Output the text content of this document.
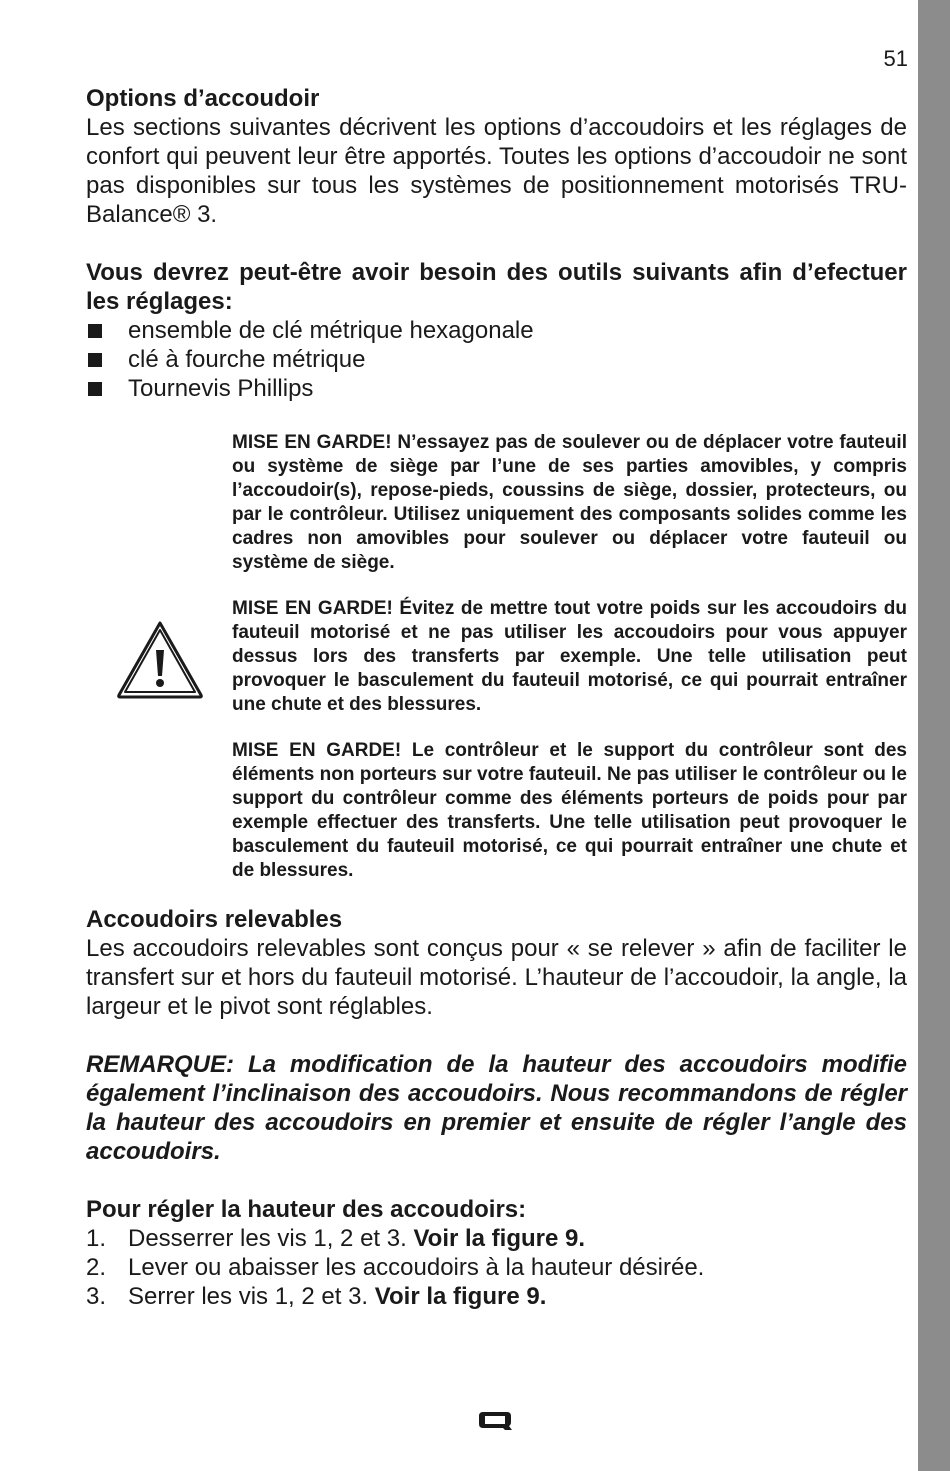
51

Options d’accoudoir

Les sections suivantes décrivent les options d’accoudoirs et les réglages de confort qui peuvent leur être apportés. Toutes les options d’accoudoir ne sont pas disponibles sur tous les systèmes de positionnement motorisés TRU-Balance® 3.

Vous devrez peut-être avoir besoin des outils suivants afin d’efectuer les réglages:

ensemble de clé métrique hexagonale
clé à fourche métrique
Tournevis Phillips

MISE EN GARDE! N’essayez pas de soulever ou de déplacer votre fauteuil ou système de siège par l’une de ses parties amovibles, y compris l’accoudoir(s), repose-pieds, coussins de siège, dossier, protecteurs, ou par le contrôleur. Utilisez uniquement des composants solides comme les cadres non amovibles pour soulever ou déplacer votre fauteuil ou système de siège.

MISE EN GARDE! Évitez de mettre tout votre poids sur les accoudoirs du fauteuil motorisé et ne pas utiliser les accoudoirs pour vous appuyer dessus lors des transferts par exemple. Une telle utilisation peut provoquer le basculement du fauteuil motorisé, ce qui pourrait entraîner une chute et des blessures.

MISE EN GARDE! Le contrôleur et le support du contrôleur sont des éléments non porteurs sur votre fauteuil. Ne pas utiliser le contrôleur ou le support du contrôleur comme des éléments porteurs de poids pour par exemple effectuer des transferts. Une telle utilisation peut provoquer le basculement du fauteuil motorisé, ce qui pourrait entraîner une chute et de blessures.

Accoudoirs relevables

Les accoudoirs relevables sont conçus pour « se relever » afin de faciliter le transfert sur et hors du fauteuil motorisé. L’hauteur de l’accoudoir, la angle, la largeur et le pivot sont réglables.

REMARQUE: La modification de la hauteur des accoudoirs modifie également l’inclinaison des accoudoirs. Nous recommandons de régler la hauteur des accoudoirs en premier et ensuite de régler l’angle des accoudoirs.

Pour régler la hauteur des accoudoirs:

1. Desserrer les vis 1, 2 et 3. Voir la figure 9.
2. Lever ou abaisser les accoudoirs à la hauteur désirée.
3. Serrer les vis 1, 2 et 3. Voir la figure 9.
